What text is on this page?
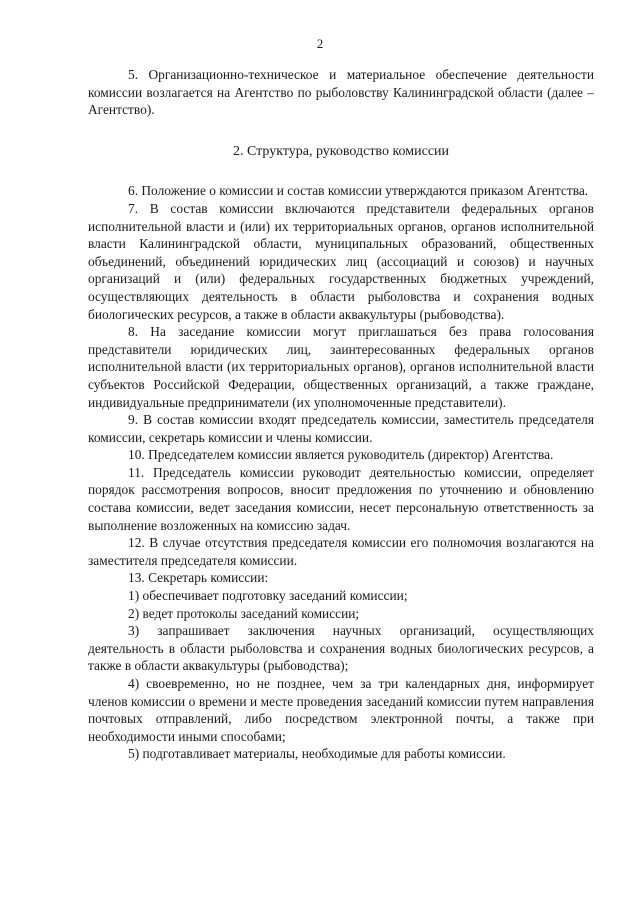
2

5. Организационно-техническое и материальное обеспечение деятельности комиссии возлагается на Агентство по рыболовству Калининградской области (далее – Агентство).

2. Структура, руководство комиссии

6. Положение о комиссии и состав комиссии утверждаются приказом Агентства.

7. В состав комиссии включаются представители федеральных органов исполнительной власти и (или) их территориальных органов, органов исполнительной власти Калининградской области, муниципальных образований, общественных объединений, объединений юридических лиц (ассоциаций и союзов) и научных организаций и (или) федеральных государственных бюджетных учреждений, осуществляющих деятельность в области рыболовства и сохранения водных биологических ресурсов, а также в области аквакультуры (рыбоводства).

8. На заседание комиссии могут приглашаться без права голосования представители юридических лиц, заинтересованных федеральных органов исполнительной власти (их территориальных органов), органов исполнительной власти субъектов Российской Федерации, общественных организаций, а также граждане, индивидуальные предприниматели (их уполномоченные представители).

9. В состав комиссии входят председатель комиссии, заместитель председателя комиссии, секретарь комиссии и члены комиссии.

10. Председателем комиссии является руководитель (директор) Агентства.

11. Председатель комиссии руководит деятельностью комиссии, определяет порядок рассмотрения вопросов, вносит предложения по уточнению и обновлению состава комиссии, ведет заседания комиссии, несет персональную ответственность за выполнение возложенных на комиссию задач.

12. В случае отсутствия председателя комиссии его полномочия возлагаются на заместителя председателя комиссии.

13. Секретарь комиссии:

1) обеспечивает подготовку заседаний комиссии;

2) ведет протоколы заседаний комиссии;

3) запрашивает заключения научных организаций, осуществляющих деятельность в области рыболовства и сохранения водных биологических ресурсов, а также в области аквакультуры (рыбоводства);

4) своевременно, но не позднее, чем за три календарных дня, информирует членов комиссии о времени и месте проведения заседаний комиссии путем направления почтовых отправлений, либо посредством электронной почты, а также при необходимости иными способами;

5) подготавливает материалы, необходимые для работы комиссии.
